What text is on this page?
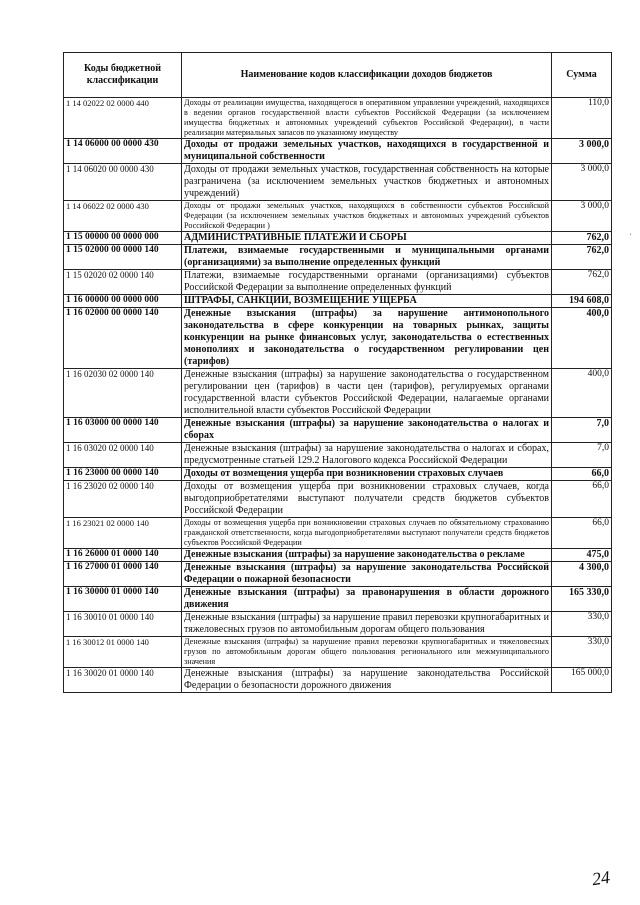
Коды бюджетной классификации	Наименование кодов классификации доходов бюджетов	Сумма
1 14 02022 02 0000 440	Доходы от реализации имущества, находящегося в оперативном управлении учреждений, находящихся в ведении органов государственной власти субъектов Российской Федерации (за исключением имущества бюджетных и автономных учреждений субъектов Российской Федерации), в части реализации материальных запасов по указанному имуществу	110,0
1 14 06000 00 0000 430	Доходы от продажи земельных участков, находящихся в государственной и муниципальной собственности	3 000,0
1 14 06020 00 0000 430	Доходы от продажи земельных участков, государственная собственность на которые разграничена (за исключением земельных участков бюджетных и автономных учреждений)	3 000,0
1 14 06022 02 0000 430	Доходы от продажи земельных участков, находящихся в собственности субъектов Российской Федерации (за исключением земельных участков бюджетных и автономных учреждений субъектов Российской Федерации )	3 000,0
1 15 00000 00 0000 000	АДМИНИСТРАТИВНЫЕ ПЛАТЕЖИ И СБОРЫ	762,0
1 15 02000 00 0000 140	Платежи, взимаемые государственными и муниципальными органами (организациями) за выполнение определенных функций	762,0
1 15 02020 02 0000 140	Платежи, взимаемые государственными органами (организациями) субъектов Российской Федерации за выполнение определенных функций	762,0
1 16 00000 00 0000 000	ШТРАФЫ, САНКЦИИ, ВОЗМЕЩЕНИЕ УЩЕРБА	194 608,0
1 16 02000 00 0000 140	Денежные взыскания (штрафы) за нарушение антимонопольного законодательства в сфере конкуренции на товарных рынках, защиты конкуренции на рынке финансовых услуг, законодательства о естественных монополиях и законодательства о государственном регулировании цен (тарифов)	400,0
1 16 02030 02 0000 140	Денежные взыскания (штрафы) за нарушение законодательства о государственном регулировании цен (тарифов) в части цен (тарифов), регулируемых органами государственной власти субъектов Российской Федерации, налагаемые органами исполнительной власти субъектов Российской Федерации	400,0
1 16 03000 00 0000 140	Денежные взыскания (штрафы) за нарушение законодательства о налогах и сборах	7,0
1 16 03020 02 0000 140	Денежные взыскания (штрафы) за нарушение законодательства о налогах и сборах, предусмотренные статьей 129.2 Налогового кодекса Российской Федерации	7,0
1 16 23000 00 0000 140	Доходы от возмещения ущерба при возникновении страховых случаев	66,0
1 16 23020 02 0000 140	Доходы от возмещения ущерба при возникновении страховых случаев, когда выгодоприобретателями выступают получатели средств бюджетов субъектов Российской Федерации	66,0
1 16 23021 02 0000 140	Доходы от возмещения ущерба при возникновении страховых случаев по обязательному страхованию гражданской ответственности, когда выгодоприобретателями выступают получатели средств бюджетов субъектов Российской Федерации	66,0
1 16 26000 01 0000 140	Денежные взыскания (штрафы) за нарушение законодательства о рекламе	475,0
1 16 27000 01 0000 140	Денежные взыскания (штрафы) за нарушение законодательства Российской Федерации о пожарной безопасности	4 300,0
1 16 30000 01 0000 140	Денежные взыскания (штрафы) за правонарушения в области дорожного движения	165 330,0
1 16 30010 01 0000 140	Денежные взыскания (штрафы) за нарушение правил перевозки крупногабаритных и тяжеловесных грузов по автомобильным дорогам общего пользования	330,0
1 16 30012 01 0000 140	Денежные взыскания (штрафы) за нарушение правил перевозки крупногабаритных и тяжеловесных грузов по автомобильным дорогам общего пользования регионального или межмуниципального значения	330,0
1 16 30020 01 0000 140	Денежные взыскания (штрафы) за нарушение законодательства Российской Федерации о безопасности дорожного движения	165 000,0
24
'
